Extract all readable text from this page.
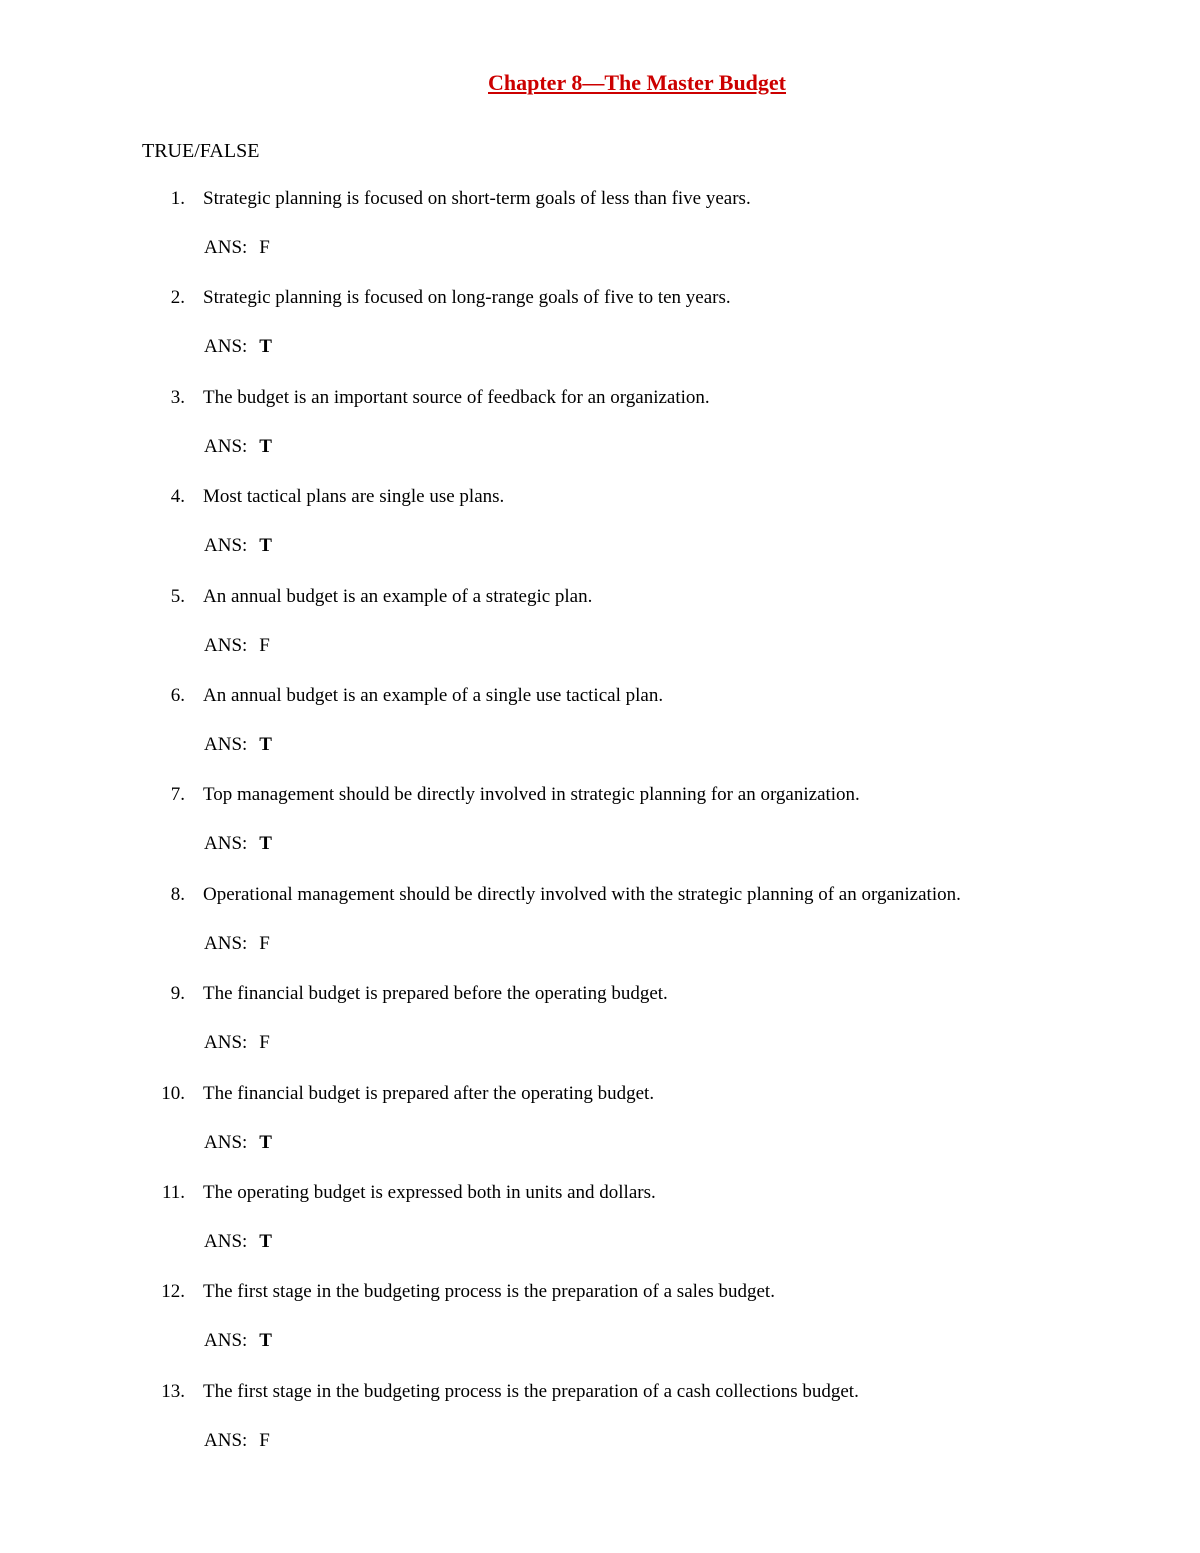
Chapter 8—The Master Budget
TRUE/FALSE
1. Strategic planning is focused on short-term goals of less than five years.
ANS: F
2. Strategic planning is focused on long-range goals of five to ten years.
ANS: T
3. The budget is an important source of feedback for an organization.
ANS: T
4. Most tactical plans are single use plans.
ANS: T
5. An annual budget is an example of a strategic plan.
ANS: F
6. An annual budget is an example of a single use tactical plan.
ANS: T
7. Top management should be directly involved in strategic planning for an organization.
ANS: T
8. Operational management should be directly involved with the strategic planning of an organization.
ANS: F
9. The financial budget is prepared before the operating budget.
ANS: F
10. The financial budget is prepared after the operating budget.
ANS: T
11. The operating budget is expressed both in units and dollars.
ANS: T
12. The first stage in the budgeting process is the preparation of a sales budget.
ANS: T
13. The first stage in the budgeting process is the preparation of a cash collections budget.
ANS: F
